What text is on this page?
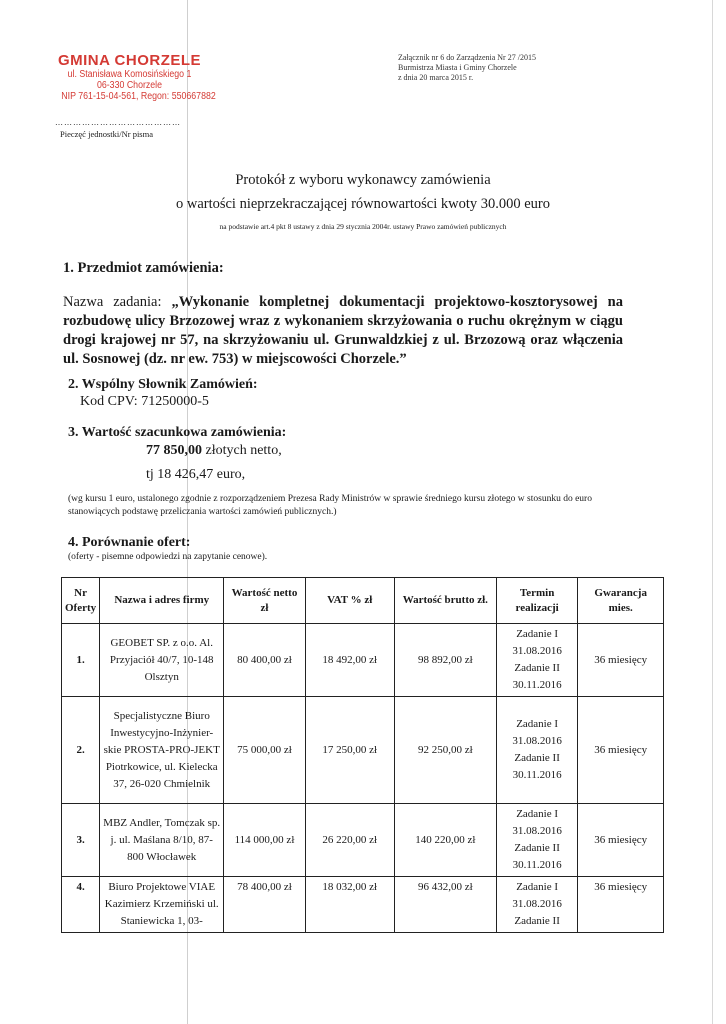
GMINA CHORZELE
ul. Stanisława Komosińskiego 1
06-330 Chorzele
NIP 761-15-04-561, Regon: 550667882
……………………………………
Pieczęć jednostki/Nr pisma
Załącznik nr 6 do Zarządzenia Nr 27 /2015
Burmistrza Miasta i Gminy Chorzele
z dnia 20 marca 2015 r.
Protokół z wyboru wykonawcy zamówienia
o wartości nieprzekraczającej równowartości kwoty 30.000 euro
na podstawie art.4 pkt 8 ustawy z dnia 29 stycznia 2004r. ustawy Prawo zamówień publicznych
1. Przedmiot zamówienia:
Nazwa zadania: „Wykonanie kompletnej dokumentacji projektowo-kosztorysowej na rozbudowę ulicy Brzozowej wraz z wykonaniem skrzyżowania o ruchu okrężnym w ciągu drogi krajowej nr 57, na skrzyżowaniu ul. Grunwaldzkiej z ul. Brzozową oraz włączenia ul. Sosnowej (dz. nr ew. 753) w miejscowości Chorzele.”
2. Wspólny Słownik Zamówień:
Kod CPV: 71250000-5
3. Wartość szacunkowa zamówienia:
77 850,00 złotych netto,
tj 18 426,47 euro,
(wg kursu 1 euro, ustalonego zgodnie z rozporządzeniem Prezesa Rady Ministrów w sprawie średniego kursu złotego w stosunku do euro stanowiących podstawę przeliczania wartości zamówień publicznych.)
4. Porównanie ofert:
(oferty - pisemne odpowiedzi na zapytanie cenowe).
Nr Oferty	Nazwa i adres firmy	Wartość netto zł	VAT % zł	Wartość brutto zł.	Termin realizacji	Gwarancja mies.
1.	GEOBET SP. z o.o. Al. Przyjaciół 40/7, 10-148 Olsztyn	80 400,00 zł	18 492,00 zł	98 892,00 zł	Zadanie I 31.08.2016 Zadanie II 30.11.2016	36 miesięcy
2.	Specjalistyczne Biuro Inwestycyjno-Inżynier-skie PROSTA-PRO-JEKT Piotrkowice, ul. Kielecka 37, 26-020 Chmielnik	75 000,00 zł	17 250,00 zł	92 250,00 zł	Zadanie I 31.08.2016 Zadanie II 30.11.2016	36 miesięcy
3.	MBZ Andler, Tomczak sp. j. ul. Maślana 8/10, 87-800 Włocławek	114 000,00 zł	26 220,00 zł	140 220,00 zł	Zadanie I 31.08.2016 Zadanie II 30.11.2016	36 miesięcy
4.	Biuro Projektowe VIAE Kazimierz Krzemiński ul. Staniewicka 1, 03-	78 400,00 zł	18 032,00 zł	96 432,00 zł	Zadanie I 31.08.2016 Zadanie II	36 miesięcy
